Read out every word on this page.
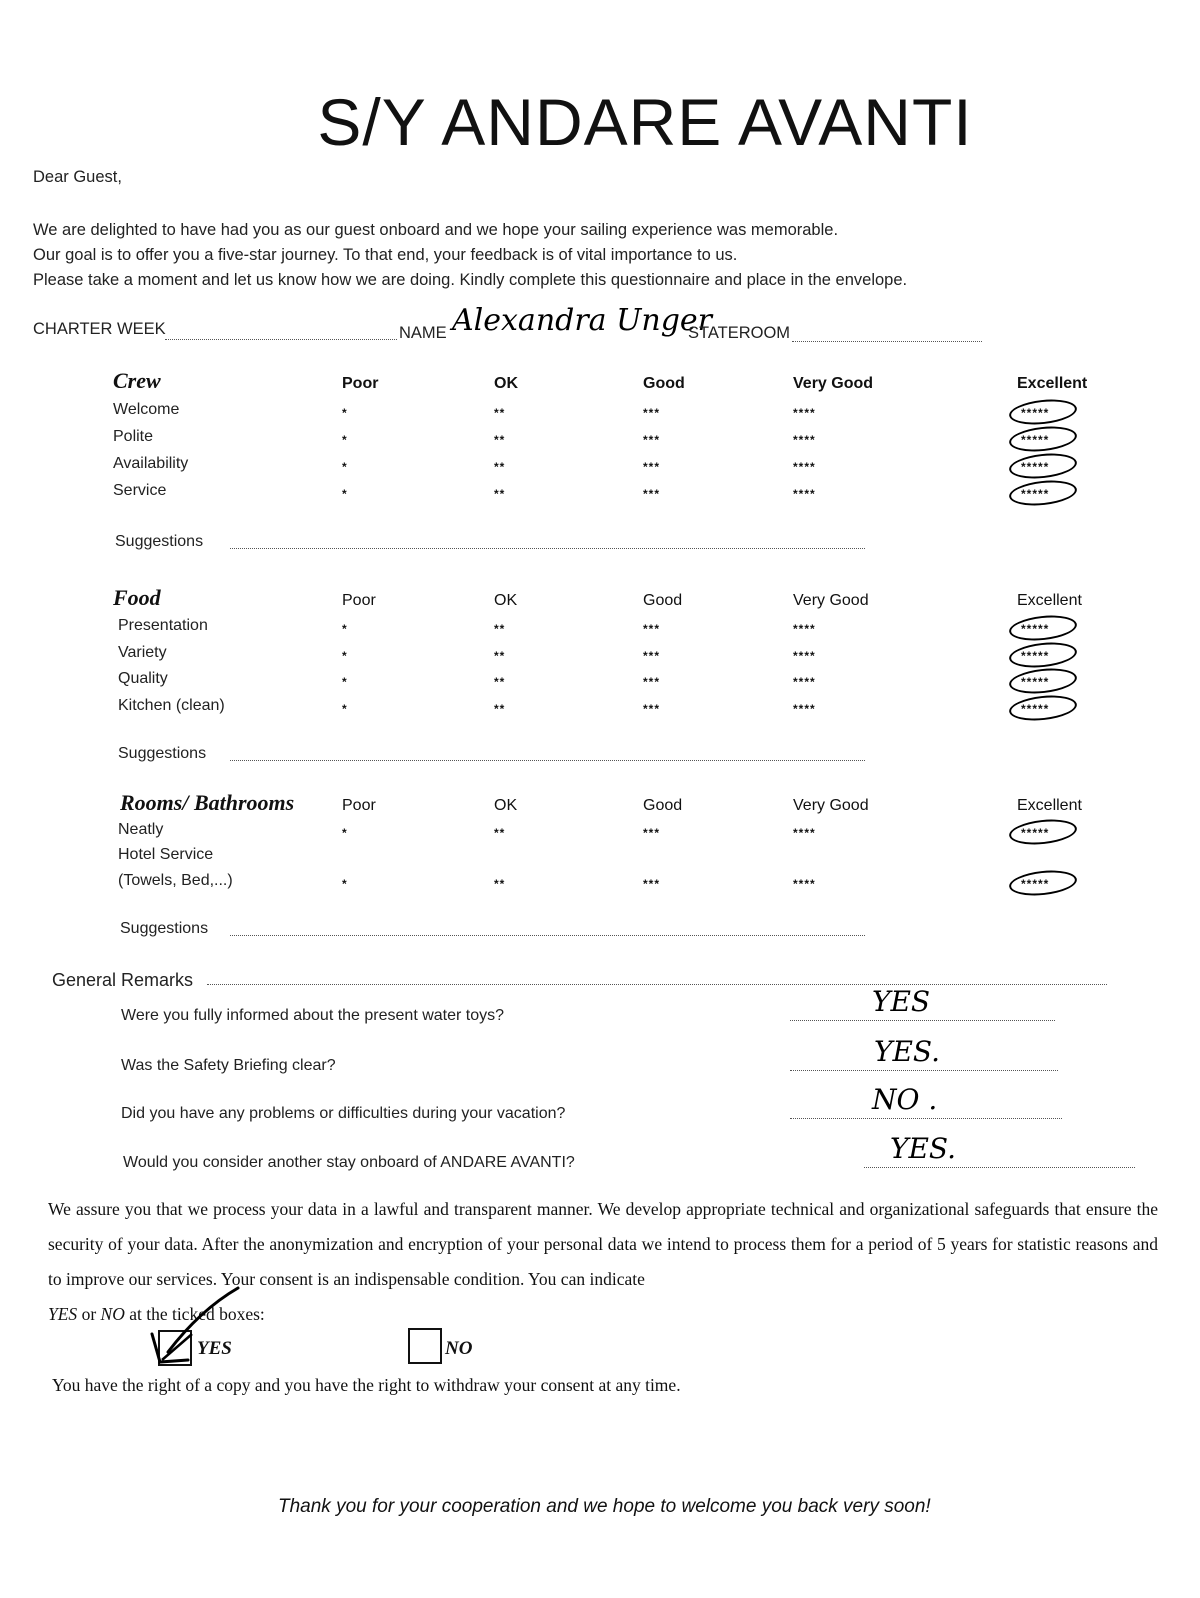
S/Y ANDARE AVANTI
Dear Guest,
We are delighted to have had you as our guest onboard and we hope your sailing experience was memorable.
Our goal is to offer you a five-star journey. To that end, your feedback is of vital importance to us.
Please take a moment and let us know how we are doing. Kindly complete this questionnaire and place in the envelope.
CHARTER WEEK	NAME Alexandra Unger
STATEROOM
Crew	Poor	OK	Good	Very Good	Excellent
Welcome	*	**	***	****	*****
Polite	*	**	***	****	*****
Availability	*	**	***	****	*****
Service	*	**	***	****	*****
Suggestions
Food	Poor	OK	Good	Very Good	Excellent
Presentation	*	**	***	****	*****
Variety	*	**	***	****	*****
Quality	*	**	***	****	*****
Kitchen (clean)	*	**	***	****	*****
Suggestions
Rooms/ Bathrooms	Poor	OK	Good	Very Good	Excellent
Neatly	*	**	***	****	*****
Hotel Service
(Towels, Bed,...)	*	**	***	****	*****
Suggestions
General Remarks
Were you fully informed about the present water toys?	YES
Was the Safety Briefing clear?	YES.
Did you have any problems or difficulties during your vacation?	NO .
Would you consider another stay onboard of ANDARE AVANTI?	YES.
We assure you that we process your data in a lawful and transparent manner. We develop appropriate technical and organizational safeguards that ensure the security of your data. After the anonymization and encryption of your personal data we intend to process them for a period of 5 years for statistic reasons and to improve our services. Your consent is an indispensable condition. You can indicate
YES or NO at the ticked boxes:
YES	NO
You have the right of a copy and you have the right to withdraw your consent at any time.
Thank you for your cooperation and we hope to welcome you back very soon!
